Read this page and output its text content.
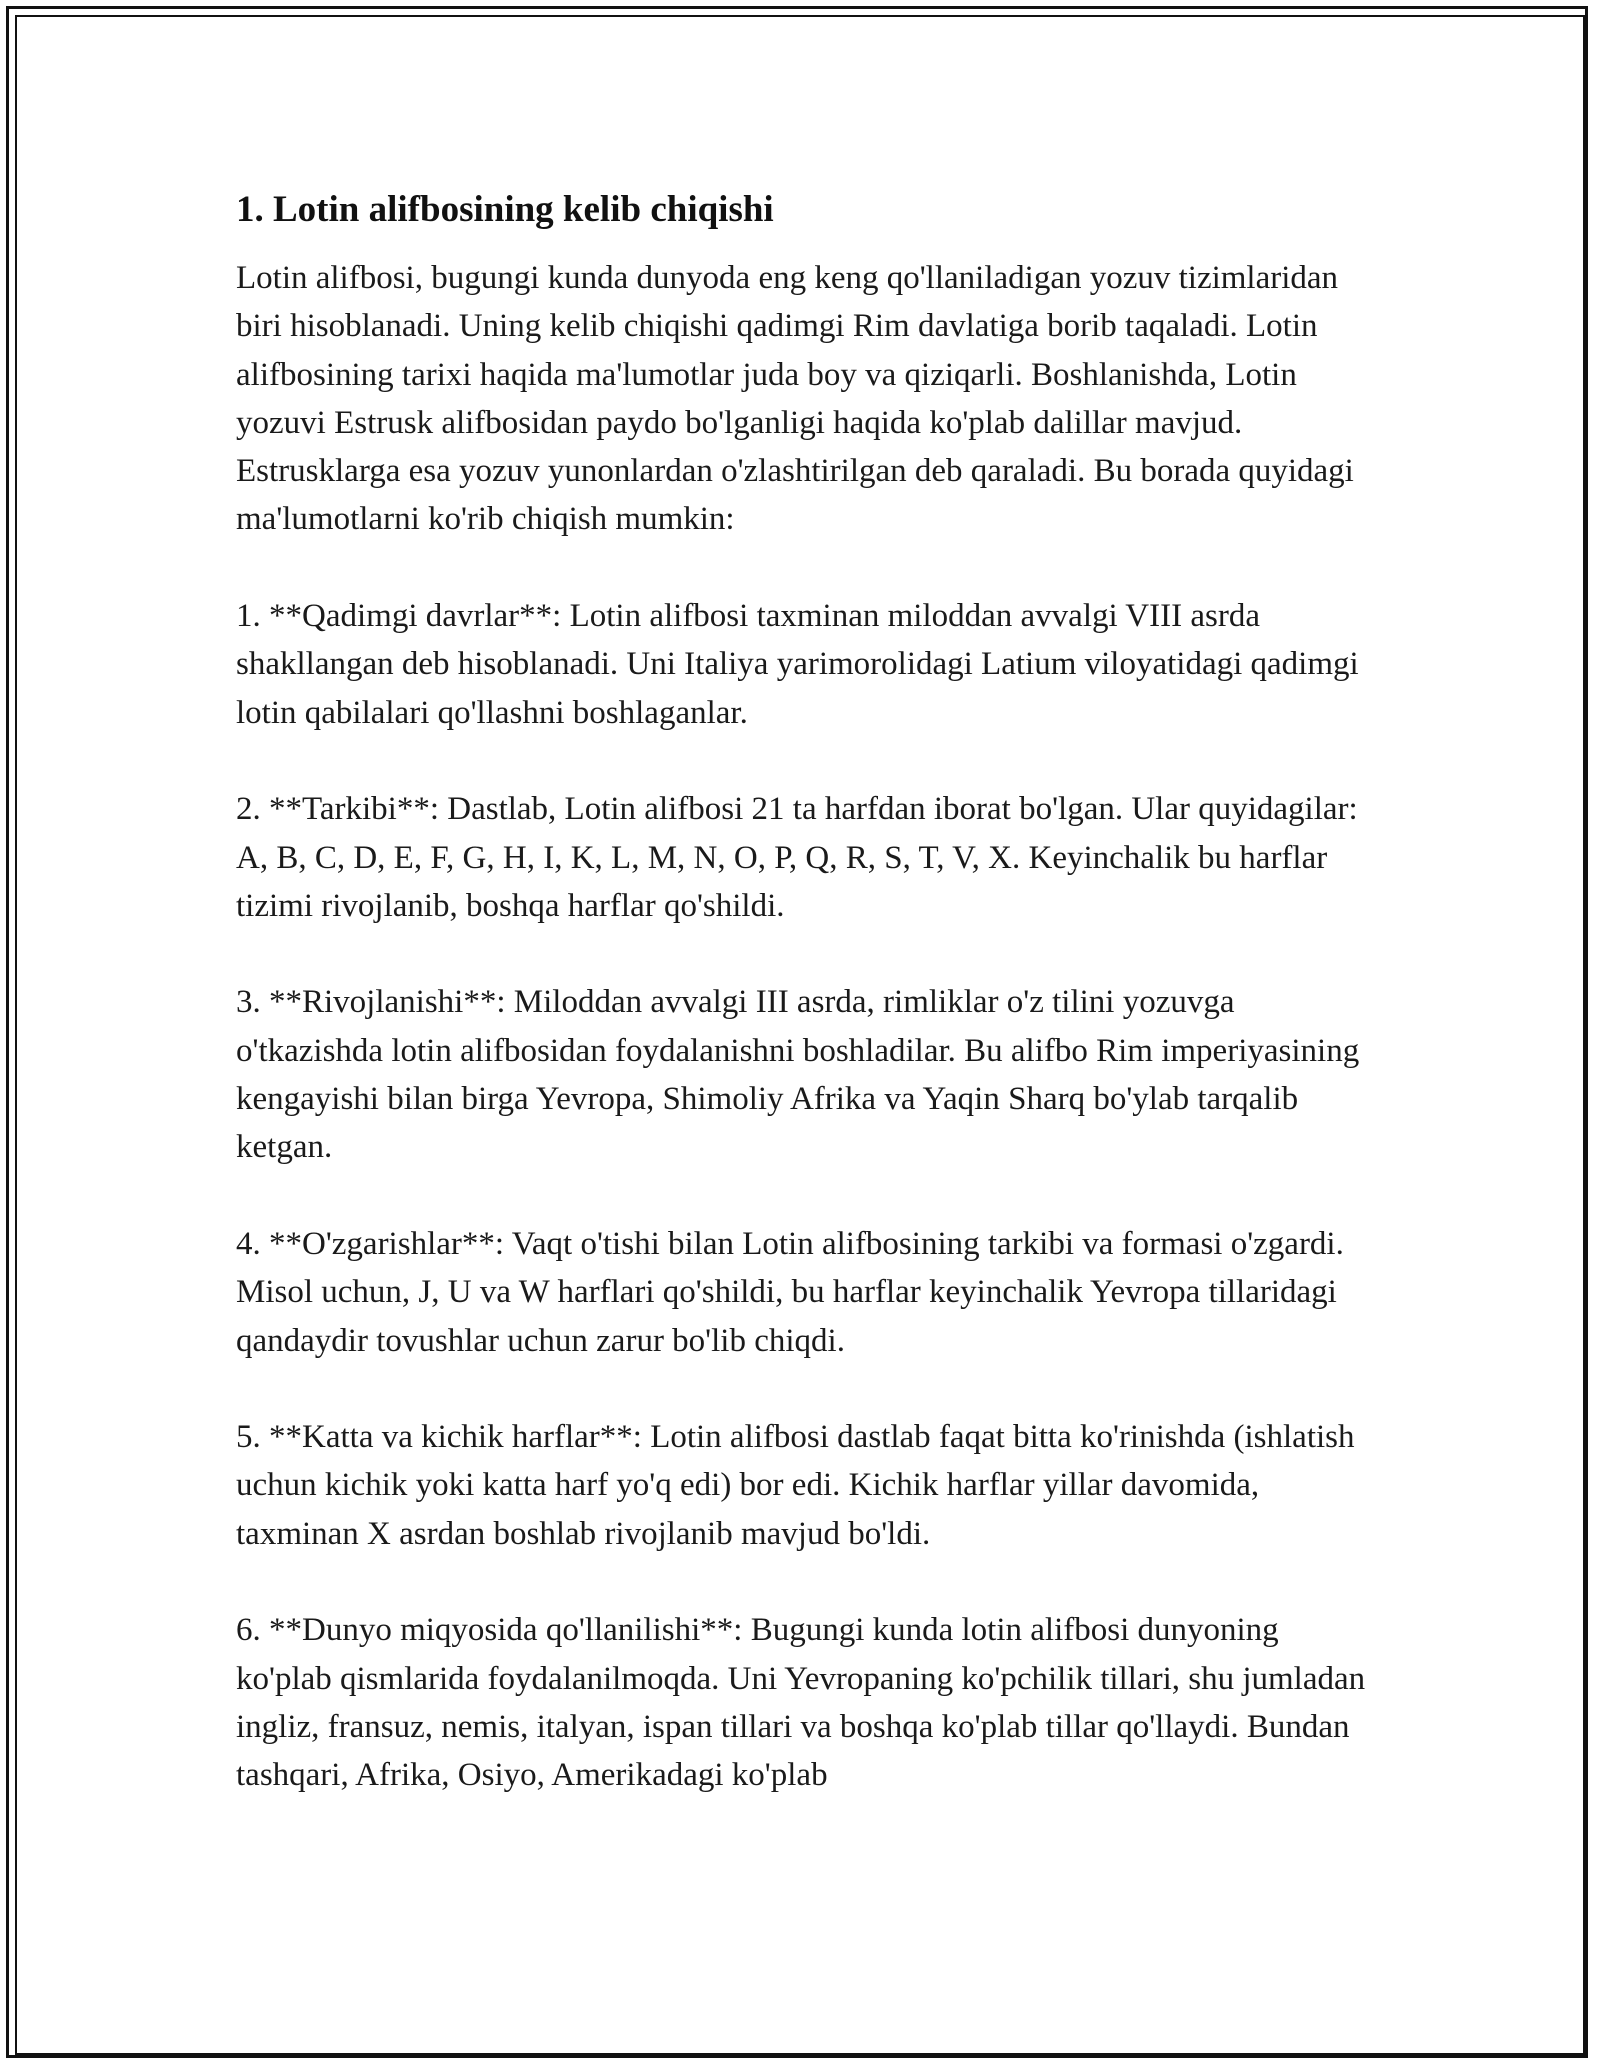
1. Lotin alifbosining kelib chiqishi

Lotin alifbosi, bugungi kunda dunyoda eng keng qo'llaniladigan yozuv tizimlaridan biri hisoblanadi. Uning kelib chiqishi qadimgi Rim davlatiga borib taqaladi. Lotin alifbosining tarixi haqida ma'lumotlar juda boy va qiziqarli. Boshlanishda, Lotin yozuvi Estrusk alifbosidan paydo bo'lganligi haqida ko'plab dalillar mavjud. Estrusklarga esa yozuv yunonlardan o'zlashtirilgan deb qaraladi. Bu borada quyidagi ma'lumotlarni ko'rib chiqish mumkin:

1. **Qadimgi davrlar**: Lotin alifbosi taxminan miloddan avvalgi VIII asrda shakllangan deb hisoblanadi. Uni Italiya yarimorolidagi Latium viloyatidagi qadimgi lotin qabilalari qo'llashni boshlaganlar.

2. **Tarkibi**: Dastlab, Lotin alifbosi 21 ta harfdan iborat bo'lgan. Ular quyidagilar: A, B, C, D, E, F, G, H, I, K, L, M, N, O, P, Q, R, S, T, V, X. Keyinchalik bu harflar tizimi rivojlanib, boshqa harflar qo'shildi.

3. **Rivojlanishi**: Miloddan avvalgi III asrda, rimliklar o'z tilini yozuvga o'tkazishda lotin alifbosidan foydalanishni boshladilar. Bu alifbo Rim imperiyasining kengayishi bilan birga Yevropa, Shimoliy Afrika va Yaqin Sharq bo'ylab tarqalib ketgan.

4. **O'zgarishlar**: Vaqt o'tishi bilan Lotin alifbosining tarkibi va formasi o'zgardi. Misol uchun, J, U va W harflari qo'shildi, bu harflar keyinchalik Yevropa tillaridagi qandaydir tovushlar uchun zarur bo'lib chiqdi.

5. **Katta va kichik harflar**: Lotin alifbosi dastlab faqat bitta ko'rinishda (ishlatish uchun kichik yoki katta harf yo'q edi) bor edi. Kichik harflar yillar davomida, taxminan X asrdan boshlab rivojlanib mavjud bo'ldi.

6. **Dunyo miqyosida qo'llanilishi**: Bugungi kunda lotin alifbosi dunyoning ko'plab qismlarida foydalanilmoqda. Uni Yevropaning ko'pchilik tillari, shu jumladan ingliz, fransuz, nemis, italyan, ispan tillari va boshqa ko'plab tillar qo'llaydi. Bundan tashqari, Afrika, Osiyo, Amerikadagi ko'plab
